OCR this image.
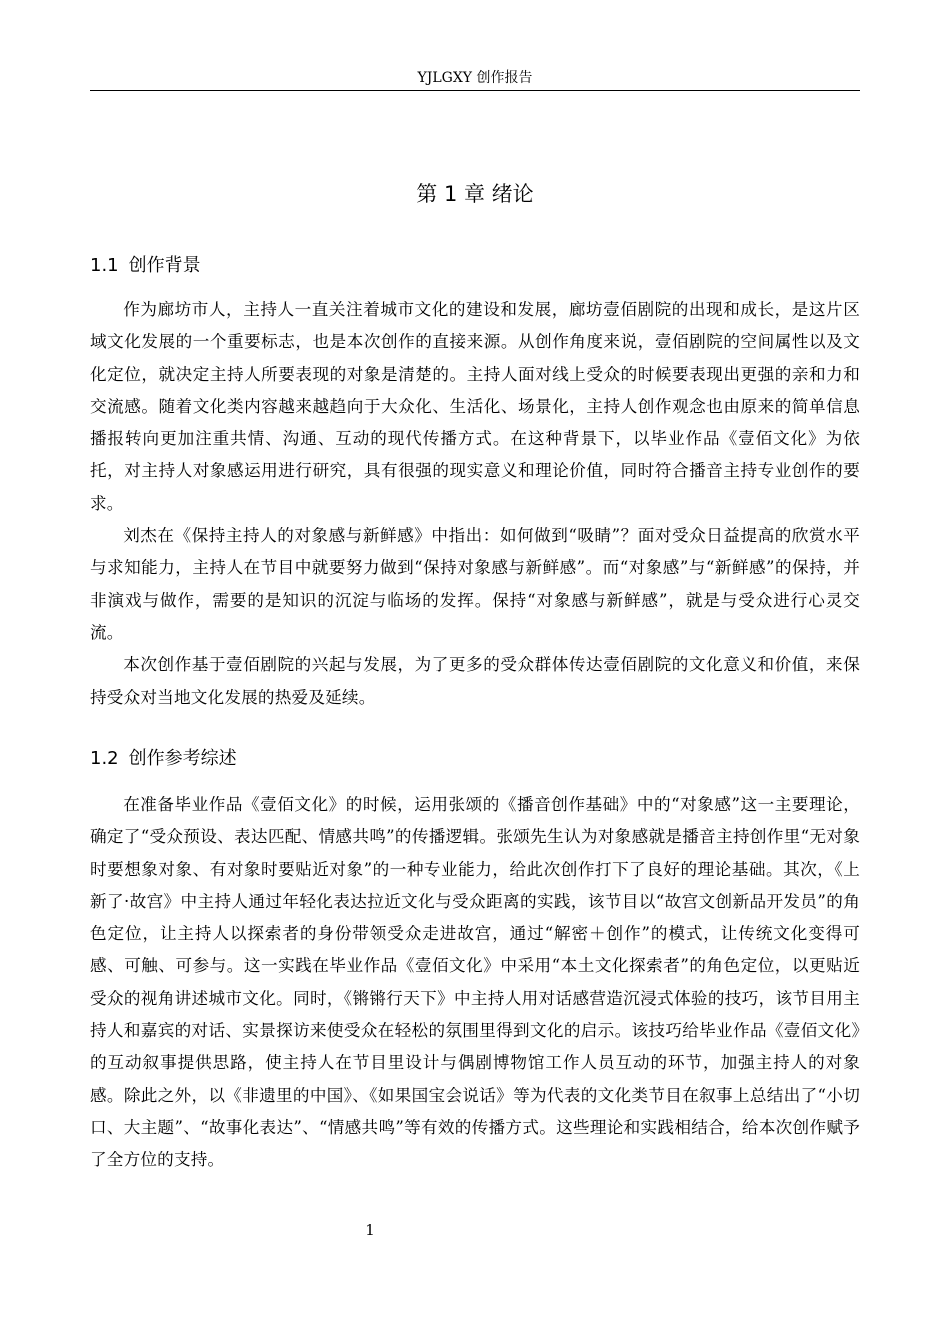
YJLGXY 创作报告
第 1 章 绪论
1.1 创作背景

作为廊坊市人，主持人一直关注着城市文化的建设和发展，廊坊壹佰剧院的出现和成长，是这片区域文化发展的一个重要标志，也是本次创作的直接来源。从创作角度来说，壹佰剧院的空间属性以及文化定位，就决定主持人所要表现的对象是清楚的。主持人面对线上受众的时候要表现出更强的亲和力和交流感。随着文化类内容越来越趋向于大众化、生活化、场景化，主持人创作观念也由原来的简单信息播报转向更加注重共情、沟通、互动的现代传播方式。在这种背景下，以毕业作品《壹佰文化》为依托，对主持人对象感运用进行研究，具有很强的现实意义和理论价值，同时符合播音主持专业创作的要求。

刘杰在《保持主持人的对象感与新鲜感》中指出：如何做到“吸睛”？面对受众日益提高的欣赏水平与求知能力，主持人在节目中就要努力做到“保持对象感与新鲜感”。而“对象感”与“新鲜感”的保持，并非演戏与做作，需要的是知识的沉淀与临场的发挥。保持“对象感与新鲜感”，就是与受众进行心灵交流。

本次创作基于壹佰剧院的兴起与发展，为了更多的受众群体传达壹佰剧院的文化意义和价值，来保持受众对当地文化发展的热爱及延续。

1.2 创作参考综述

在准备毕业作品《壹佰文化》的时候，运用张颂的《播音创作基础》中的“对象感”这一主要理论，确定了“受众预设、表达匹配、情感共鸣”的传播逻辑。张颂先生认为对象感就是播音主持创作里“无对象时要想象对象、有对象时要贴近对象”的一种专业能力，给此次创作打下了良好的理论基础。其次，《上新了·故宫》中主持人通过年轻化表达拉近文化与受众距离的实践，该节目以“故宫文创新品开发员”的角色定位，让主持人以探索者的身份带领受众走进故宫，通过“解密＋创作”的模式，让传统文化变得可感、可触、可参与。这一实践在毕业作品《壹佰文化》中采用“本土文化探索者”的角色定位，以更贴近受众的视角讲述城市文化。同时，《锵锵行天下》中主持人用对话感营造沉浸式体验的技巧，该节目用主持人和嘉宾的对话、实景探访来使受众在轻松的氛围里得到文化的启示。该技巧给毕业作品《壹佰文化》的互动叙事提供思路，使主持人在节目里设计与偶剧博物馆工作人员互动的环节，加强主持人的对象感。除此之外，以《非遗里的中国》、《如果国宝会说话》等为代表的文化类节目在叙事上总结出了“小切口、大主题”、“故事化表达”、“情感共鸣”等有效的传播方式。这些理论和实践相结合，给本次创作赋予了全方位的支持。

1
